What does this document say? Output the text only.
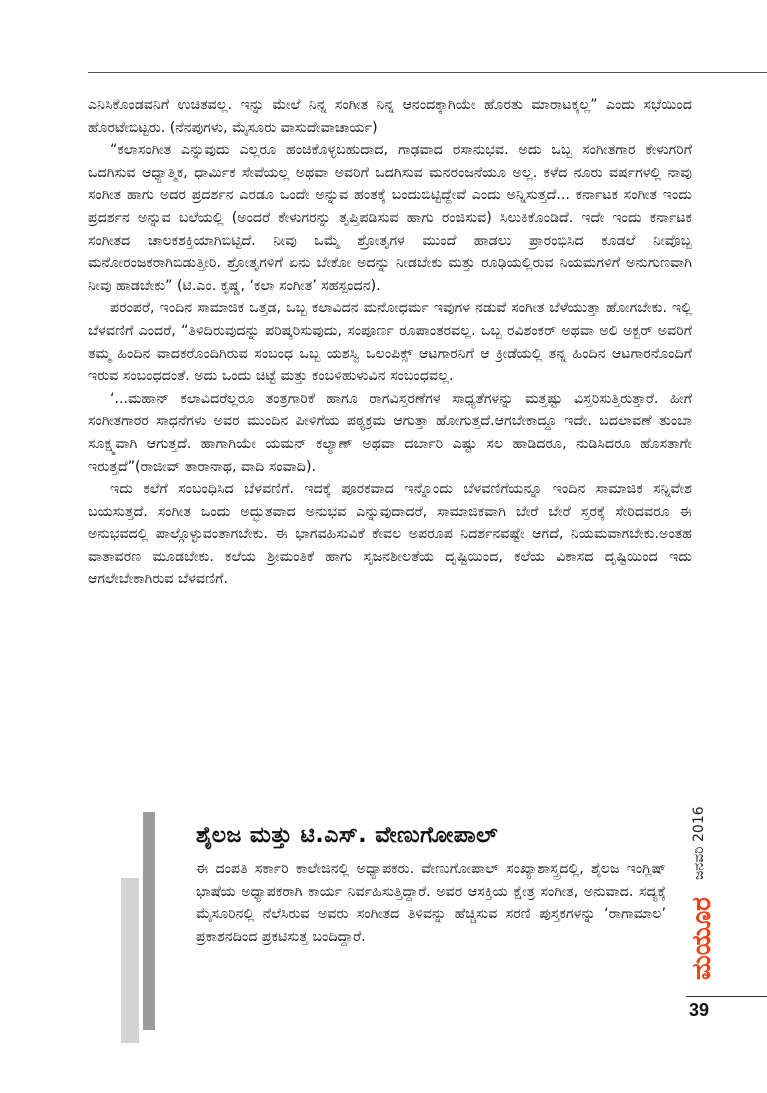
ಎನಿಸಿಕೊಂಡವನಿಗೆ ಉಚಿತವಲ್ಲ. ಇನ್ನು ಮೇಲೆ ನಿನ್ನ ಸಂಗೀತ ನಿನ್ನ ಆನಂದಕ್ಕಾಗಿಯೇ ಹೊರತು ಮಾರಾಟಕ್ಕಲ್ಲ” ಎಂದು ಸಭೆಯಿಂದ ಹೊರಟೇಬಿಟ್ಟರು. (ನೆನಪುಗಳು, ಮೈಸೂರು ವಾಸುದೇವಾಚಾರ್ಯ)

“ಕಲಾಸಂಗೀತ ಎನ್ನುವುದು ಎಲ್ಲರೂ ಹಂಚಿಕೊಳ್ಳಬಹುದಾದ, ಗಾಢವಾದ ರಸಾನುಭವ. ಅದು ಒಬ್ಬ ಸಂಗೀತಗಾರ ಕೇಳುಗರಿಗೆ ಒದಗಿಸುವ ಆಧ್ಯಾತ್ಮಿಕ, ಧಾರ್ಮಿಕ ಸೇವೆಯಲ್ಲ ಅಥವಾ ಅವರಿಗೆ ಒದಗಿಸುವ ಮನರಂಜನೆಯೂ ಅಲ್ಲ. ಕಳೆದ ನೂರು ವರ್ಷಗಳಲ್ಲಿ ನಾವು ಸಂಗೀತ ಹಾಗು ಅದರ ಪ್ರದರ್ಶನ ಎರಡೂ ಒಂದೇ ಅನ್ನುವ ಹಂತಕ್ಕೆ ಬಂದುಬಿಟ್ಟಿದ್ದೇವೆ ಎಂದು ಅನ್ನಿಸುತ್ತದೆ... ಕರ್ನಾಟಕ ಸಂಗೀತ ಇಂದು ಪ್ರದರ್ಶನ ಅನ್ನುವ ಬಲೆಯಲ್ಲಿ (ಅಂದರೆ ಕೇಳುಗರನ್ನು ತೃಪ್ತಿಪಡಿಸುವ ಹಾಗು ರಂಜಿಸುವ) ಸಿಲುಕಿಕೊಂಡಿದೆ. ಇದೇ ಇಂದು ಕರ್ನಾಟಕ ಸಂಗೀತದ ಚಾಲಕಶಕ್ತಿಯಾಗಿಬಿಟ್ಟಿದೆ. ನೀವು ಒಮ್ಮೆ ಶ್ರೋತೃಗಳ ಮುಂದೆ ಹಾಡಲು ಪ್ರಾರಂಭಿಸಿದ ಕೂಡಲೆ ನೀವೊಬ್ಬ ಮನೋರಂಜಕರಾಗಿಬಿಡುತ್ತೀರಿ. ಶ್ರೋತೃಗಳಿಗೆ ಏನು ಬೇಕೋ ಅದನ್ನು ನೀಡಬೇಕು ಮತ್ತು ರೂಢಿಯಲ್ಲಿರುವ ನಿಯಮಗಳಿಗೆ ಅನುಗುಣವಾಗಿ ನೀವು ಹಾಡಬೇಕು” (ಟಿ.ಎಂ. ಕೃಷ್ಣ, ‘ಕಲಾ ಸಂಗೀತ’ ಸಹಸ್ಪಂದನ).

ಪರಂಪರೆ, ಇಂದಿನ ಸಾಮಾಜಿಕ ಒತ್ತಡ, ಒಬ್ಬ ಕಲಾವಿದನ ಮನೋಧರ್ಮ ಇವುಗಳ ನಡುವೆ ಸಂಗೀತ ಬೆಳೆಯುತ್ತಾ ಹೋಗಬೇಕು. ಇಲ್ಲಿ ಬೆಳವಣಿಗೆ ಎಂದರೆ, “ತಿಳಿದಿರುವುದನ್ನು ಪರಿಷ್ಕರಿಸುವುದು, ಸಂಪೂರ್ಣ ರೂಪಾಂತರವಲ್ಲ. ಒಬ್ಬ ರವಿಶಂಕರ್ ಅಥವಾ ಅಲಿ ಅಕ್ಬರ್ ಅವರಿಗೆ ತಮ್ಮ ಹಿಂದಿನ ವಾದಕರೊಂದಿಗಿರುವ ಸಂಬಂಧ ಒಬ್ಬ ಯಶಸ್ವಿ ಒಲಂಪಿಕ್ಸ್ ಆಟಗಾರನಿಗೆ ಆ ಕ್ರೀಡೆಯಲ್ಲಿ ತನ್ನ ಹಿಂದಿನ ಆಟಗಾರನೊಂದಿಗೆ ಇರುವ ಸಂಬಂಧದಂತೆ. ಅದು ಒಂದು ಚಿಟ್ಟೆ ಮತ್ತು ಕಂಬಳಿಹುಳುವಿನ ಸಂಬಂಧವಲ್ಲ.

‘...ಮಹಾನ್ ಕಲಾವಿದರೆಲ್ಲರೂ ತಂತ್ರಗಾರಿಕೆ ಹಾಗೂ ರಾಗವಿಸ್ತರಣೆಗಳ ಸಾಧ್ಯತೆಗಳನ್ನು ಮತ್ತಷ್ಟು ವಿಸ್ತರಿಸುತ್ತಿರುತ್ತಾರೆ. ಹೀಗೆ ಸಂಗೀತಗಾರರ ಸಾಧನೆಗಳು ಅವರ ಮುಂದಿನ ಪೀಳಿಗೆಯ ಪಠ್ಯಕ್ರಮ ಆಗುತ್ತಾ ಹೋಗುತ್ತದೆ.ಆಗಬೇಕಾದ್ದೂ ಇದೇ. ಬದಲಾವಣೆ ತುಂಬಾ ಸೂಕ್ಷ್ಮವಾಗಿ ಆಗುತ್ತದೆ. ಹಾಗಾಗಿಯೇ ಯಮನ್ ಕಲ್ಯಾಣ್ ಅಥವಾ ದರ್ಬಾರಿ ಎಷ್ಟು ಸಲ ಹಾಡಿದರೂ, ನುಡಿಸಿದರೂ ಹೊಸತಾಗೇ ಇರುತ್ತದೆ”(ರಾಜೀವ್ ತಾರಾನಾಥ, ವಾದಿ ಸಂವಾದಿ).

ಇದು ಕಲೆಗೆ ಸಂಬಂಧಿಸಿದ ಬೆಳವಣಿಗೆ. ಇದಕ್ಕೆ ಪೂರಕವಾದ ಇನ್ನೊಂದು ಬೆಳವಣಿಗೆಯನ್ನೂ ಇಂದಿನ ಸಾಮಾಜಿಕ ಸನ್ನಿವೇಶ ಬಯಸುತ್ತದೆ. ಸಂಗೀತ ಒಂದು ಅದ್ಭುತವಾದ ಅನುಭವ ಎನ್ನುವುದಾದರೆ, ಸಾಮಾಜಿಕವಾಗಿ ಬೇರೆ ಬೇರೆ ಸ್ತರಕ್ಕೆ ಸೇರಿದವರೂ ಈ ಅನುಭವದಲ್ಲಿ ಪಾಲ್ಗೊಳ್ಳುವಂತಾಗಬೇಕು. ಈ ಭಾಗವಹಿಸುವಿಕೆ ಕೇವಲ ಅಪರೂಪ ನಿದರ್ಶನವಷ್ಟೇ ಆಗದೆ, ನಿಯಮವಾಗಬೇಕು.ಅಂತಹ ವಾತಾವರಣ ಮೂಡಬೇಕು. ಕಲೆಯ ಶ್ರೀಮಂತಿಕೆ ಹಾಗು ಸೃಜನಶೀಲತೆಯ ದೃಷ್ಟಿಯಿಂದ, ಕಲೆಯ ವಿಕಾಸದ ದೃಷ್ಟಿಯಿಂದ ಇದು ಆಗಲೇಬೇಕಾಗಿರುವ ಬೆಳವಣಿಗೆ.

ಶೈಲಜ ಮತ್ತು ಟಿ.ಎಸ್. ವೇಣುಗೋಪಾಲ್
ಈ ದಂಪತಿ ಸರ್ಕಾರಿ ಕಾಲೇಜಿನಲ್ಲಿ ಅಧ್ಯಾಪಕರು. ವೇಣುಗೋಪಾಲ್ ಸಂಖ್ಯಾಶಾಸ್ತ್ರದಲ್ಲಿ, ಶೈಲಜ ಇಂಗ್ಲಿಷ್ ಭಾಷೆಯ ಅಧ್ಯಾಪಕರಾಗಿ ಕಾರ್ಯ ನಿರ್ವಹಿಸುತ್ತಿದ್ದಾರೆ. ಅವರ ಆಸಕ್ತಿಯ ಕ್ಷೇತ್ರ ಸಂಗೀತ, ಅನುವಾದ. ಸದ್ಯಕ್ಕೆ ಮೈಸೂರಿನಲ್ಲಿ ನೆಲೆಸಿರುವ ಅವರು ಸಂಗೀತದ ತಿಳಿವನ್ನು ಹೆಚ್ಚಿಸುವ ಸರಣಿ ಪುಸ್ತಕಗಳನ್ನು ‘ರಾಗಾಮಾಲ’ ಪ್ರಕಾಶನದಿಂದ ಪ್ರಕಟಿಸುತ್ತ ಬಂದಿದ್ದಾರೆ.
ಜನವರಿ 2016
ಮಯೂರ
39
